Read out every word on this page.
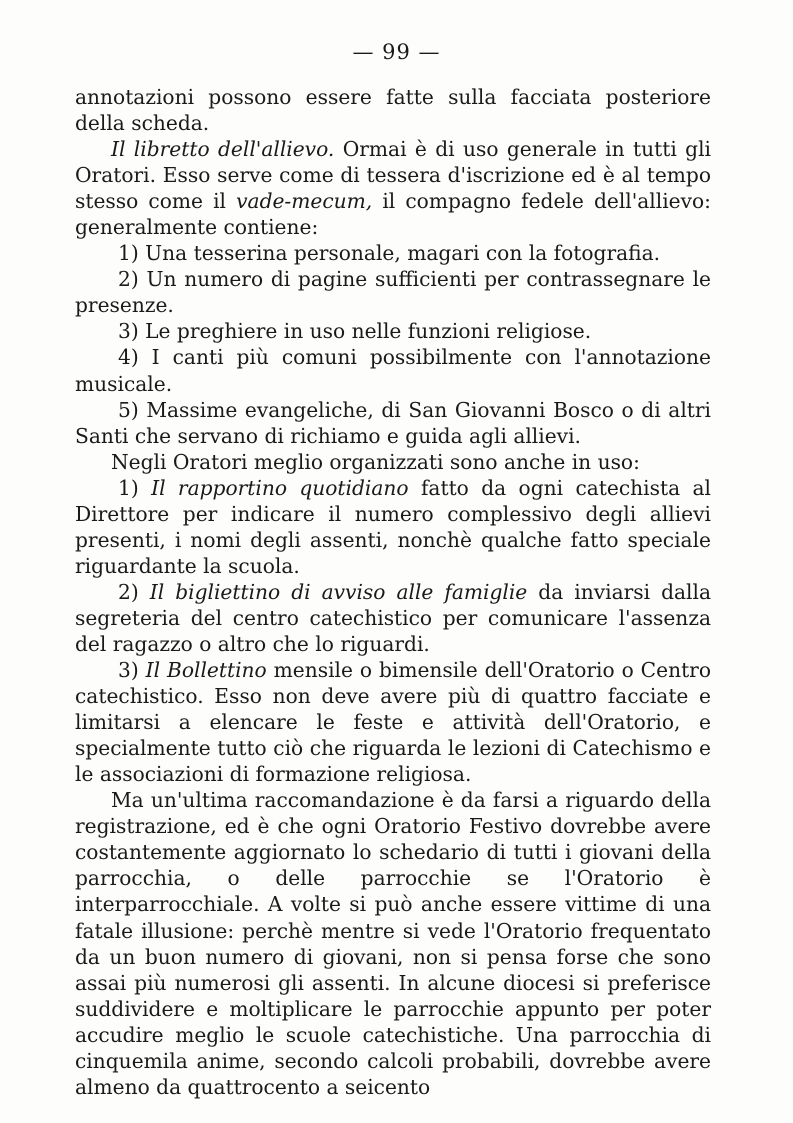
— 99 —

annotazioni possono essere fatte sulla facciata posteriore della scheda.

Il libretto dell'allievo. Ormai è di uso generale in tutti gli Oratori. Esso serve come di tessera d'iscrizione ed è al tempo stesso come il vade-mecum, il compagno fedele dell'allievo: generalmente contiene:

1) Una tesserina personale, magari con la fotografia.

2) Un numero di pagine sufficienti per contrassegnare le presenze.

3) Le preghiere in uso nelle funzioni religiose.

4) I canti più comuni possibilmente con l'annotazione musicale.

5) Massime evangeliche, di San Giovanni Bosco o di altri Santi che servano di richiamo e guida agli allievi.

Negli Oratori meglio organizzati sono anche in uso:

1) Il rapportino quotidiano fatto da ogni catechista al Direttore per indicare il numero complessivo degli allievi presenti, i nomi degli assenti, nonchè qualche fatto speciale riguardante la scuola.

2) Il bigliettino di avviso alle famiglie da inviarsi dalla segreteria del centro catechistico per comunicare l'assenza del ragazzo o altro che lo riguardi.

3) Il Bollettino mensile o bimensile dell'Oratorio o Centro catechistico. Esso non deve avere più di quattro facciate e limitarsi a elencare le feste e attività dell'Oratorio, e specialmente tutto ciò che riguarda le lezioni di Catechismo e le associazioni di formazione religiosa.

Ma un'ultima raccomandazione è da farsi a riguardo della registrazione, ed è che ogni Oratorio Festivo dovrebbe avere costantemente aggiornato lo schedario di tutti i giovani della parrocchia, o delle parrocchie se l'Oratorio è interparrocchiale. A volte si può anche essere vittime di una fatale illusione: perchè mentre si vede l'Oratorio frequentato da un buon numero di giovani, non si pensa forse che sono assai più numerosi gli assenti. In alcune diocesi si preferisce suddividere e moltiplicare le parrocchie appunto per poter accudire meglio le scuole catechistiche. Una parrocchia di cinquemila anime, secondo calcoli probabili, dovrebbe avere almeno da quattrocento a seicento
